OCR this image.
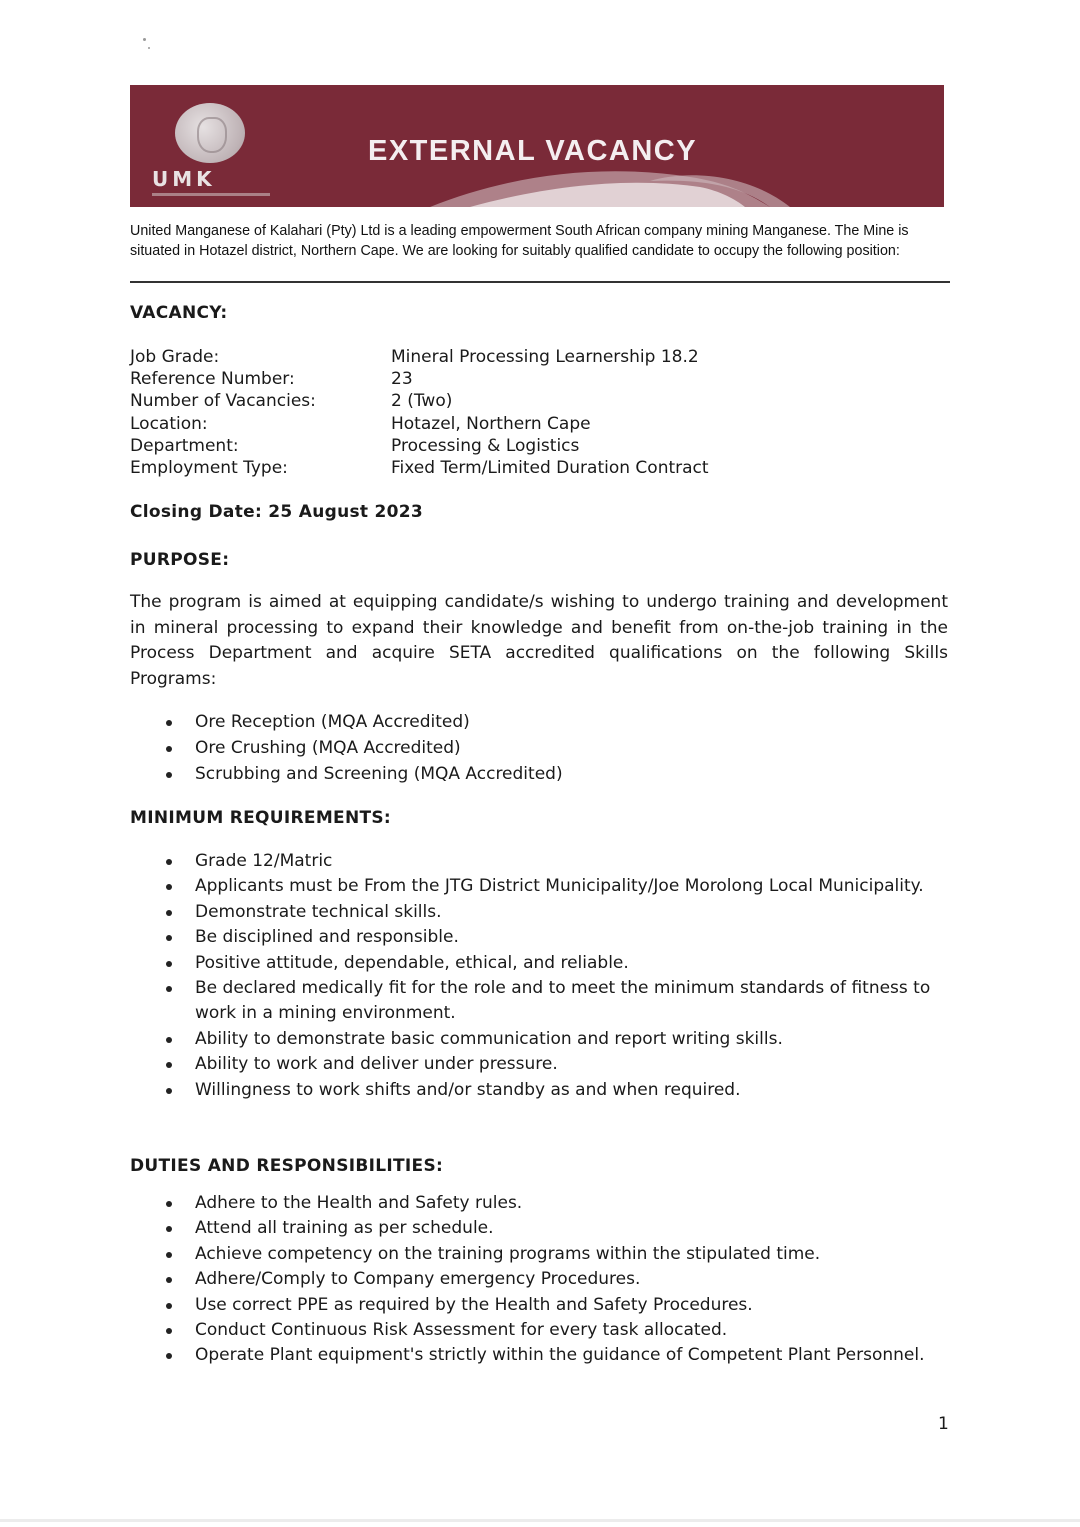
UMK
EXTERNAL VACANCY
United Manganese of Kalahari (Pty) Ltd is a leading empowerment South African company mining Manganese. The Mine is situated in Hotazel district, Northern Cape. We are looking for suitably qualified candidate to occupy the following position:
VACANCY:
Job Grade:	Mineral Processing Learnership 18.2
Reference Number:	23
Number of Vacancies:	2 (Two)
Location:	Hotazel, Northern Cape
Department:	Processing & Logistics
Employment Type:	Fixed Term/Limited Duration Contract
Closing Date: 25 August 2023
PURPOSE:
The program is aimed at equipping candidate/s wishing to undergo training and development in mineral processing to expand their knowledge and benefit from on-the-job training in the Process Department and acquire SETA accredited qualifications on the following Skills Programs:
Ore Reception (MQA Accredited)
Ore Crushing (MQA Accredited)
Scrubbing and Screening (MQA Accredited)
MINIMUM REQUIREMENTS:
Grade 12/Matric
Applicants must be From the JTG District Municipality/Joe Morolong Local Municipality.
Demonstrate technical skills.
Be disciplined and responsible.
Positive attitude, dependable, ethical, and reliable.
Be declared medically fit for the role and to meet the minimum standards of fitness to work in a mining environment.
Ability to demonstrate basic communication and report writing skills.
Ability to work and deliver under pressure.
Willingness to work shifts and/or standby as and when required.
DUTIES AND RESPONSIBILITIES:
Adhere to the Health and Safety rules.
Attend all training as per schedule.
Achieve competency on the training programs within the stipulated time.
Adhere/Comply to Company emergency Procedures.
Use correct PPE as required by the Health and Safety Procedures.
Conduct Continuous Risk Assessment for every task allocated.
Operate Plant equipment's strictly within the guidance of Competent Plant Personnel.
1
